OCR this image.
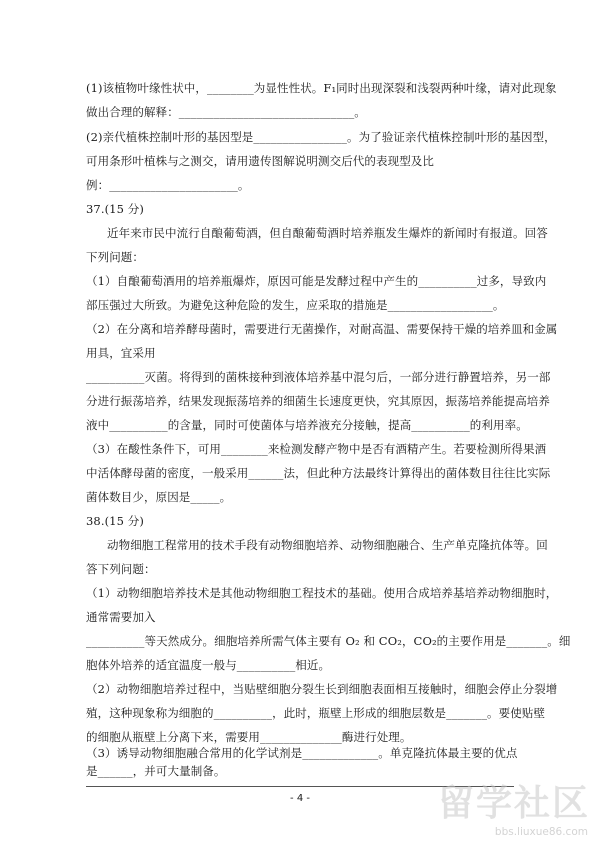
(1)该植物叶缘性状中，________为显性性状。F₁同时出现深裂和浅裂两种叶缘，请对此现象
做出合理的解释：______________________________。
(2)亲代植株控制叶形的基因型是________________。为了验证亲代植株控制叶形的基因型，
可用条形叶植株与之测交，请用遗传图解说明测交后代的表现型及比
例：______________________。
37.(15 分)
近年来市民中流行自酿葡萄酒，但自酿葡萄酒时培养瓶发生爆炸的新闻时有报道。回答
下列问题：
（1）自酿葡萄酒用的培养瓶爆炸，原因可能是发酵过程中产生的__________过多，导致内
部压强过大所致。为避免这种危险的发生，应采取的措施是__________________。
（2）在分离和培养酵母菌时，需要进行无菌操作，对耐高温、需要保持干燥的培养皿和金属
用具，宜采用
__________灭菌。将得到的菌株接种到液体培养基中混匀后，一部分进行静置培养，另一部
分进行振荡培养，结果发现振荡培养的细菌生长速度更快，究其原因，振荡培养能提高培养
液中__________的含量，同时可使菌体与培养液充分接触，提高__________的利用率。
（3）在酸性条件下，可用________来检测发酵产物中是否有酒精产生。若要检测所得果酒
中活体酵母菌的密度，一般采用______法，但此种方法最终计算得出的菌体数目往往比实际
菌体数目少，原因是_____。
38.(15 分)
动物细胞工程常用的技术手段有动物细胞培养、动物细胞融合、生产单克隆抗体等。回
答下列问题：
（1）动物细胞培养技术是其他动物细胞工程技术的基础。使用合成培养基培养动物细胞时，
通常需要加入
__________等天然成分。细胞培养所需气体主要有 O₂ 和 CO₂，CO₂的主要作用是_______。细
胞体外培养的适宜温度一般与__________相近。
（2）动物细胞培养过程中，当贴壁细胞分裂生长到细胞表面相互接触时，细胞会停止分裂增
殖，这种现象称为细胞的__________，此时，瓶壁上形成的细胞层数是_______。要使贴壁
的细胞从瓶壁上分离下来，需要用______________酶进行处理。
（3）诱导动物细胞融合常用的化学试剂是_____________。单克隆抗体最主要的优点
是______，并可大量制备。
- 4 -	留学社区
bbs.liuxue86.com
